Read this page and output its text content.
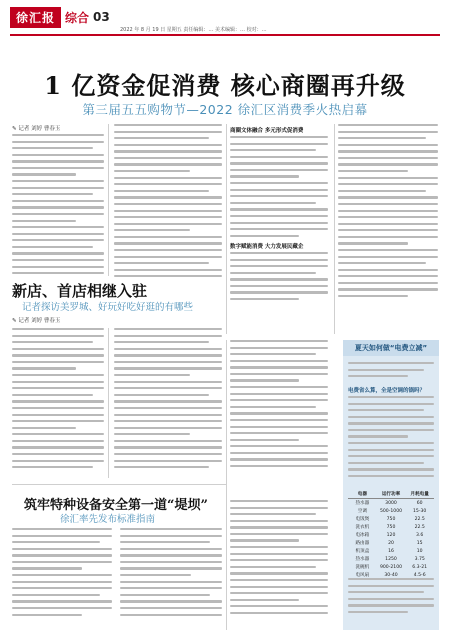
徐汇报 综合 03
2022 年 8 月 19 日 星期五 责任编辑：… 美术编辑：… 校对：…
1 亿资金促消费 核心商圈再升级
第三届五五购物节—2022 徐汇区消费季火热启幕
✎ 记者 刘婷 曹春玉	商圈文体融合 多元形式促消费
数字赋能消费 大力发展民藏企
新店、首店相继入驻
记者探访美罗城、好玩好吃好逛的有哪些
✎ 记者 刘婷 曹春玉
筑牢特种设备安全第一道“堤坝”
徐汇率先发布标准指南
夏天如何做“电费立减”
电费省么算，全是空调的锅吗？
电器	运行功率	月耗电量
热水器	3000	60
空调	500-1000	15-30
电饭煲	750	22.5
洗衣机	750	22.5
电冰箱	120	3.6
路由器	20	15
机顶盒	16	10
热水器	1250	3.75
洗碗机	900-2100	6.3-21
电风扇	30-40	4.5-6
